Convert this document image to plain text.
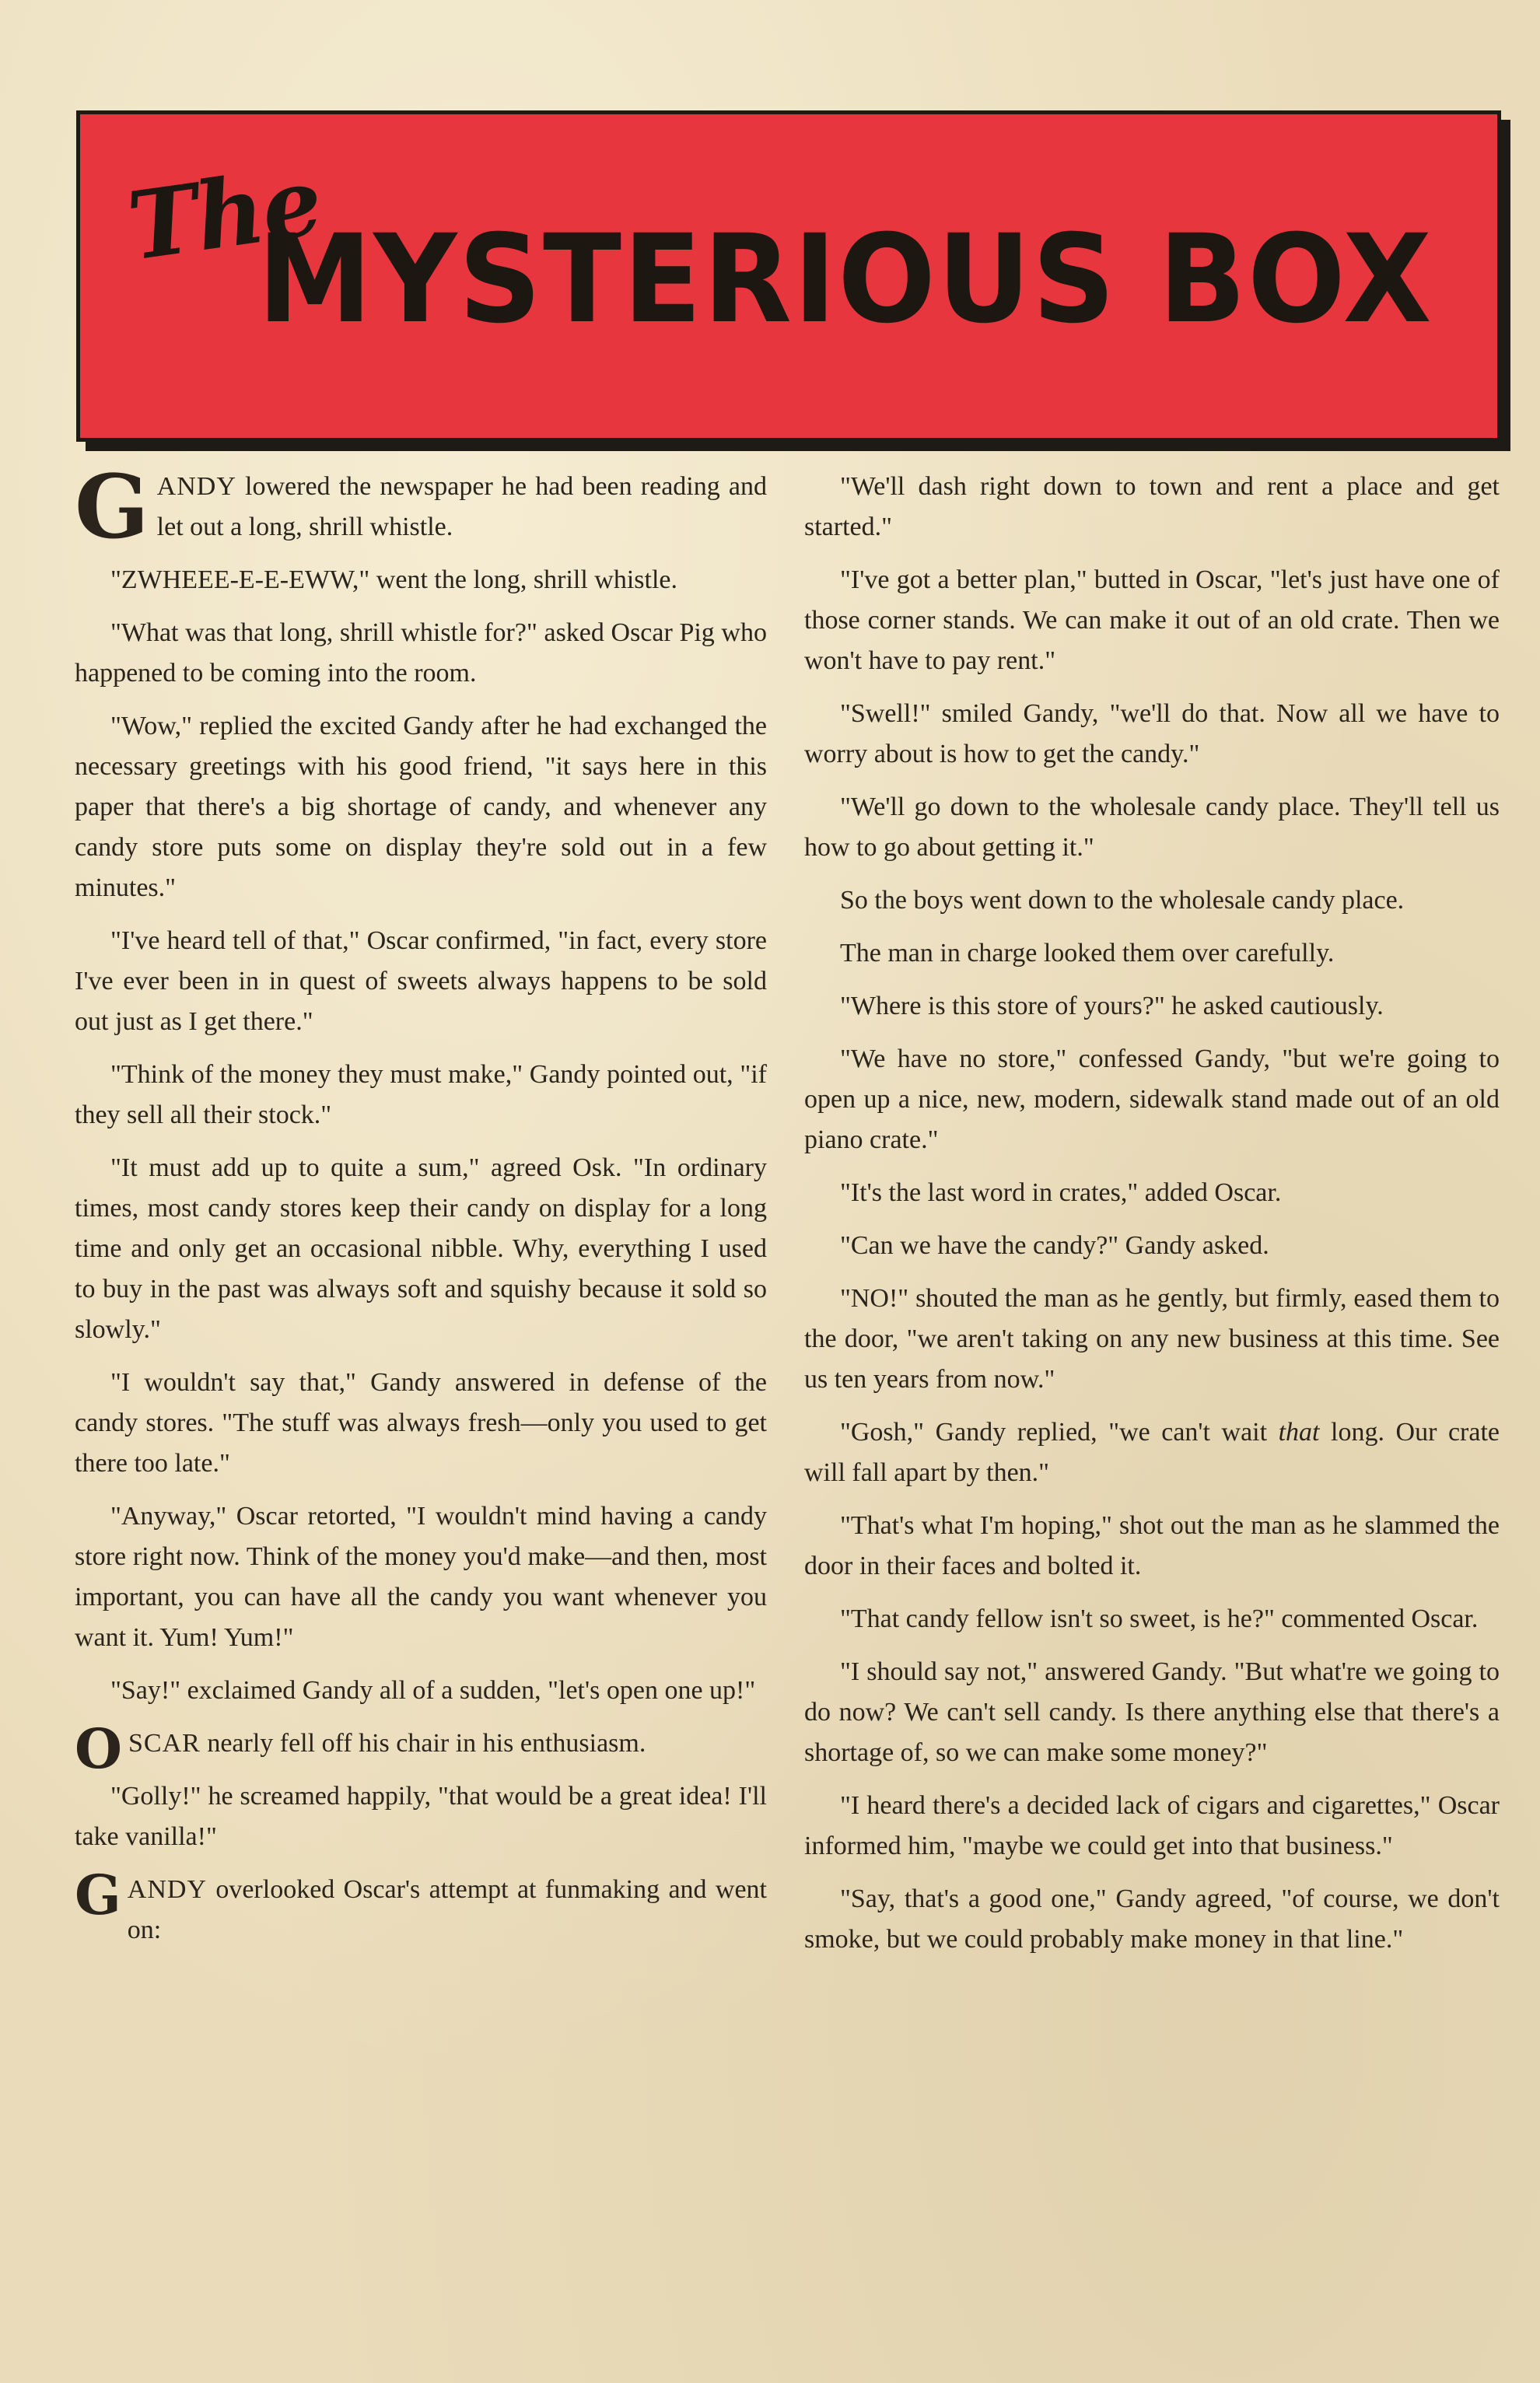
The
MYSTERIOUS BOX

GANDY lowered the newspaper he had been reading and let out a long, shrill whistle.

"ZWHEEE-E-E-EWW," went the long, shrill whistle.

"What was that long, shrill whistle for?" asked Oscar Pig who happened to be coming into the room.

"Wow," replied the excited Gandy after he had exchanged the necessary greetings with his good friend, "it says here in this paper that there's a big shortage of candy, and whenever any candy store puts some on display they're sold out in a few minutes."

"I've heard tell of that," Oscar confirmed, "in fact, every store I've ever been in in quest of sweets always happens to be sold out just as I get there."

"Think of the money they must make," Gandy pointed out, "if they sell all their stock."

"It must add up to quite a sum," agreed Osk. "In ordinary times, most candy stores keep their candy on display for a long time and only get an occasional nibble. Why, everything I used to buy in the past was always soft and squishy because it sold so slowly."

"I wouldn't say that," Gandy answered in defense of the candy stores. "The stuff was always fresh—only you used to get there too late."

"Anyway," Oscar retorted, "I wouldn't mind having a candy store right now. Think of the money you'd make—and then, most important, you can have all the candy you want whenever you want it. Yum! Yum!"

"Say!" exclaimed Gandy all of a sudden, "let's open one up!"

OSCAR nearly fell off his chair in his enthusiasm.

"Golly!" he screamed happily, "that would be a great idea! I'll take vanilla!"

GANDY overlooked Oscar's attempt at funmaking and went on:

"We'll dash right down to town and rent a place and get started."

"I've got a better plan," butted in Oscar, "let's just have one of those corner stands. We can make it out of an old crate. Then we won't have to pay rent."

"Swell!" smiled Gandy, "we'll do that. Now all we have to worry about is how to get the candy."

"We'll go down to the wholesale candy place. They'll tell us how to go about getting it."

So the boys went down to the wholesale candy place.

The man in charge looked them over carefully.

"Where is this store of yours?" he asked cautiously.

"We have no store," confessed Gandy, "but we're going to open up a nice, new, modern, sidewalk stand made out of an old piano crate."

"It's the last word in crates," added Oscar.

"Can we have the candy?" Gandy asked.

"NO!" shouted the man as he gently, but firmly, eased them to the door, "we aren't taking on any new business at this time. See us ten years from now."

"Gosh," Gandy replied, "we can't wait that long. Our crate will fall apart by then."

"That's what I'm hoping," shot out the man as he slammed the door in their faces and bolted it.

"That candy fellow isn't so sweet, is he?" commented Oscar.

"I should say not," answered Gandy. "But what're we going to do now? We can't sell candy. Is there anything else that there's a shortage of, so we can make some money?"

"I heard there's a decided lack of cigars and cigarettes," Oscar informed him, "maybe we could get into that business."

"Say, that's a good one," Gandy agreed, "of course, we don't smoke, but we could probably make money in that line."
